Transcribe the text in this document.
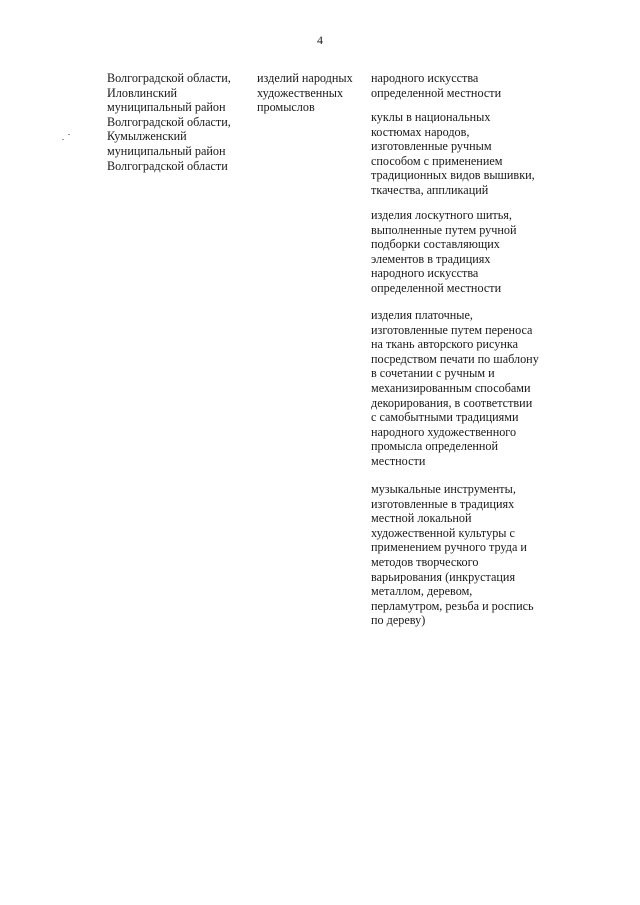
4
Волгоградской области,
Иловлинский
муниципальный район
Волгоградской области,
Кумылженский
муниципальный район
Волгоградской области
изделий народных
художественных
промыслов
народного искусства
определенной местности
куклы в национальных
костюмах народов,
изготовленные ручным
способом с применением
традиционных видов вышивки,
ткачества, аппликаций
изделия лоскутного шитья,
выполненные путем ручной
подборки составляющих
элементов в традициях
народного искусства
определенной местности
изделия платочные,
изготовленные путем переноса
на ткань авторского рисунка
посредством печати по шаблону
в сочетании с ручным и
механизированным способами
декорирования, в соответствии
с самобытными традициями
народного художественного
промысла определенной
местности
музыкальные инструменты,
изготовленные в традициях
местной локальной
художественной культуры с
применением ручного труда и
методов творческого
варьирования (инкрустация
металлом, деревом,
перламутром, резьба и роспись
по дереву)
